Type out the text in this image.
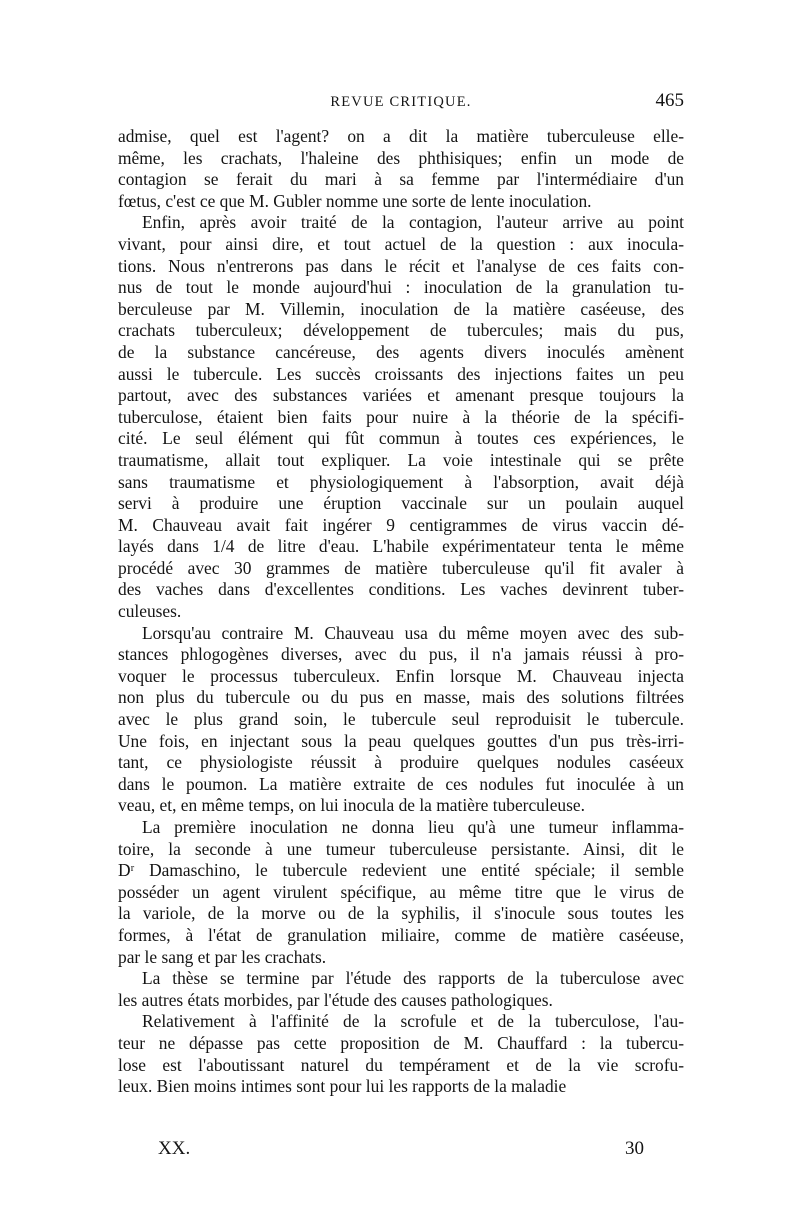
REVUE CRITIQUE.	465
admise, quel est l'agent? on a dit la matière tuberculeuse elle-
même, les crachats, l'haleine des phthisiques; enfin un mode de
contagion se ferait du mari à sa femme par l'intermédiaire d'un
fœtus, c'est ce que M. Gubler nomme une sorte de lente inoculation.
Enfin, après avoir traité de la contagion, l'auteur arrive au point
vivant, pour ainsi dire, et tout actuel de la question : aux inocula-
tions. Nous n'entrerons pas dans le récit et l'analyse de ces faits con-
nus de tout le monde aujourd'hui : inoculation de la granulation tu-
berculeuse par M. Villemin, inoculation de la matière caséeuse, des
crachats tuberculeux; développement de tubercules; mais du pus,
de la substance cancéreuse, des agents divers inoculés amènent
aussi le tubercule. Les succès croissants des injections faites un peu
partout, avec des substances variées et amenant presque toujours la
tuberculose, étaient bien faits pour nuire à la théorie de la spécifi-
cité. Le seul élément qui fût commun à toutes ces expériences, le
traumatisme, allait tout expliquer. La voie intestinale qui se prête
sans traumatisme et physiologiquement à l'absorption, avait déjà
servi à produire une éruption vaccinale sur un poulain auquel
M. Chauveau avait fait ingérer 9 centigrammes de virus vaccin dé-
layés dans 1/4 de litre d'eau. L'habile expérimentateur tenta le même
procédé avec 30 grammes de matière tuberculeuse qu'il fit avaler à
des vaches dans d'excellentes conditions. Les vaches devinrent tuber-
culeuses.
Lorsqu'au contraire M. Chauveau usa du même moyen avec des sub-
stances phlogogènes diverses, avec du pus, il n'a jamais réussi à pro-
voquer le processus tuberculeux. Enfin lorsque M. Chauveau injecta
non plus du tubercule ou du pus en masse, mais des solutions filtrées
avec le plus grand soin, le tubercule seul reproduisit le tubercule.
Une fois, en injectant sous la peau quelques gouttes d'un pus très-irri-
tant, ce physiologiste réussit à produire quelques nodules caséeux
dans le poumon. La matière extraite de ces nodules fut inoculée à un
veau, et, en même temps, on lui inocula de la matière tuberculeuse.
La première inoculation ne donna lieu qu'à une tumeur inflamma-
toire, la seconde à une tumeur tuberculeuse persistante. Ainsi, dit le
Dʳ Damaschino, le tubercule redevient une entité spéciale; il semble
posséder un agent virulent spécifique, au même titre que le virus de
la variole, de la morve ou de la syphilis, il s'inocule sous toutes les
formes, à l'état de granulation miliaire, comme de matière caséeuse,
par le sang et par les crachats.
La thèse se termine par l'étude des rapports de la tuberculose avec
les autres états morbides, par l'étude des causes pathologiques.
Relativement à l'affinité de la scrofule et de la tuberculose, l'au-
teur ne dépasse pas cette proposition de M. Chauffard : la tubercu-
lose est l'aboutissant naturel du tempérament et de la vie scrofu-
leux. Bien moins intimes sont pour lui les rapports de la maladie
XX.	30
